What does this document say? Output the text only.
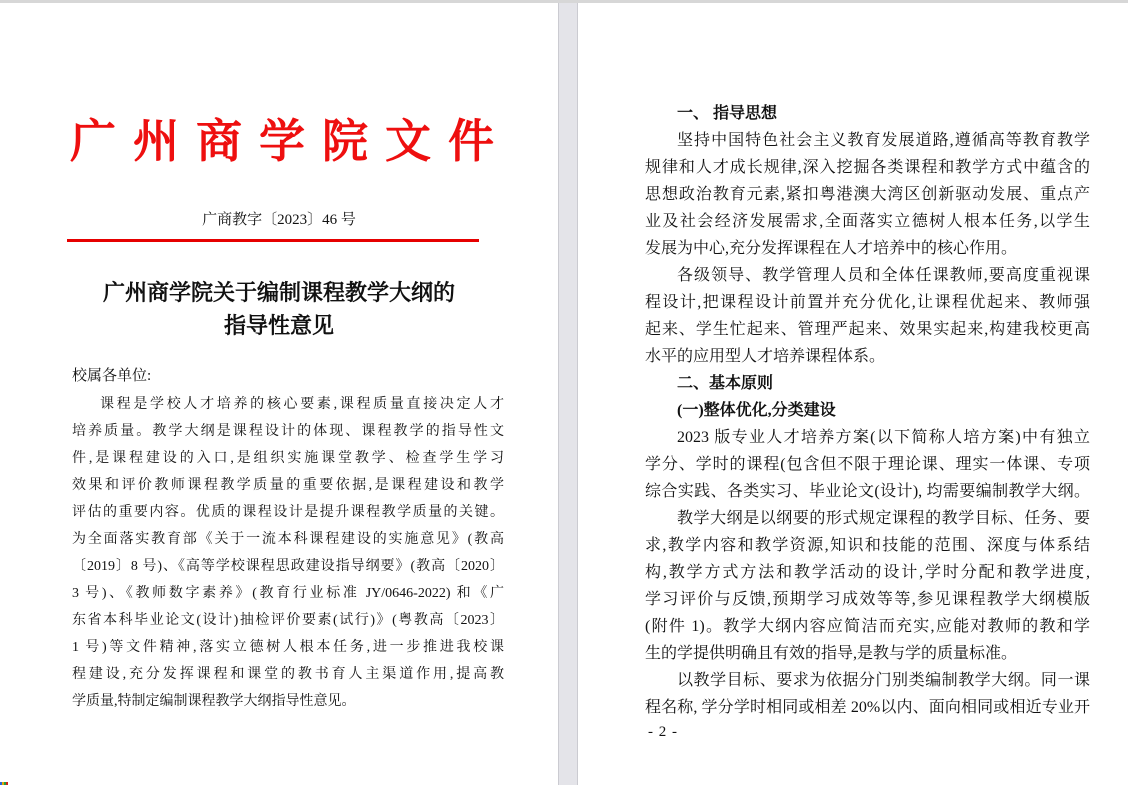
广 州 商 学 院 文 件
广商教字〔2023〕46 号
广州商学院关于编制课程教学大纲的
指导性意见
校属各单位:
课程是学校人才培养的核心要素,课程质量直接决定人才
培养质量。教学大纲是课程设计的体现、课程教学的指导性文
件,是课程建设的入口,是组织实施课堂教学、检查学生学习
效果和评价教师课程教学质量的重要依据,是课程建设和教学
评估的重要内容。优质的课程设计是提升课程教学质量的关键。
为全面落实教育部《关于一流本科课程建设的实施意见》(教高
〔2019〕8 号)、《高等学校课程思政建设指导纲要》(教高〔2020〕
3 号)、《教师数字素养》(教育行业标准 JY/0646-2022) 和《广
东省本科毕业论文(设计)抽检评价要素(试行)》(粤教高〔2023〕
1 号)等文件精神,落实立德树人根本任务,进一步推进我校课
程建设,充分发挥课程和课堂的教书育人主渠道作用,提高教
学质量,特制定编制课程教学大纲指导性意见。
一、 指导思想
坚持中国特色社会主义教育发展道路,遵循高等教育教学
规律和人才成长规律,深入挖掘各类课程和教学方式中蕴含的
思想政治教育元素,紧扣粤港澳大湾区创新驱动发展、重点产
业及社会经济发展需求,全面落实立德树人根本任务,以学生
发展为中心,充分发挥课程在人才培养中的核心作用。
各级领导、教学管理人员和全体任课教师,要高度重视课
程设计,把课程设计前置并充分优化,让课程优起来、教师强
起来、学生忙起来、管理严起来、效果实起来,构建我校更高
水平的应用型人才培养课程体系。
二、基本原则
(一)整体优化,分类建设
2023 版专业人才培养方案(以下简称人培方案)中有独立
学分、学时的课程(包含但不限于理论课、理实一体课、专项
综合实践、各类实习、毕业论文(设计), 均需要编制教学大纲。
教学大纲是以纲要的形式规定课程的教学目标、任务、要
求,教学内容和教学资源,知识和技能的范围、深度与体系结
构,教学方式方法和教学活动的设计,学时分配和教学进度,
学习评价与反馈,预期学习成效等等,参见课程教学大纲模版
(附件 1)。教学大纲内容应简洁而充实,应能对教师的教和学
生的学提供明确且有效的指导,是教与学的质量标准。
以教学目标、要求为依据分门别类编制教学大纲。同一课
程名称, 学分学时相同或相差 20%以内、面向相同或相近专业开
- 2 -
